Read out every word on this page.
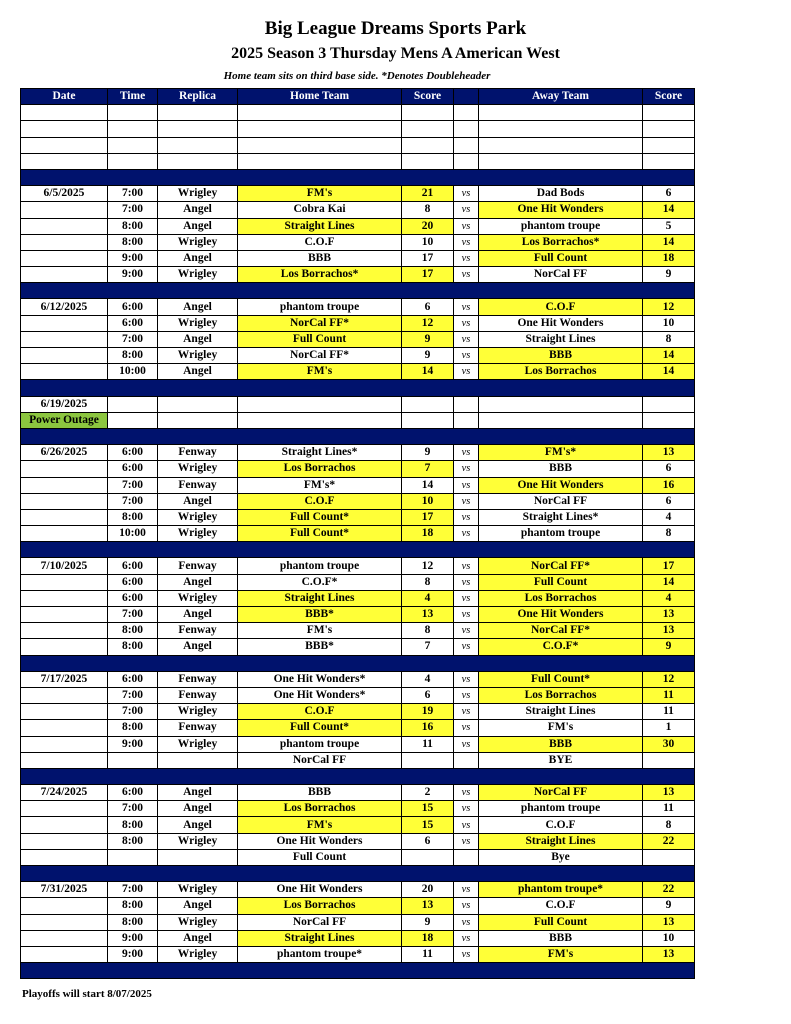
Big League Dreams Sports Park
2025 Season 3 Thursday Mens A American West
Home team sits on third base side. *Denotes Doubleheader
Date	Time	Replica	Home Team	Score		Away Team	Score

6/5/2025	7:00	Wrigley	FM's	21	vs	Dad Bods	6
	7:00	Angel	Cobra Kai	8	vs	One Hit Wonders	14
	8:00	Angel	Straight Lines	20	vs	phantom troupe	5
	8:00	Wrigley	C.O.F	10	vs	Los Borrachos*	14
	9:00	Angel	BBB	17	vs	Full Count	18
	9:00	Wrigley	Los Borrachos*	17	vs	NorCal FF	9

6/12/2025	6:00	Angel	phantom troupe	6	vs	C.O.F	12
	6:00	Wrigley	NorCal FF*	12	vs	One Hit Wonders	10
	7:00	Angel	Full Count	9	vs	Straight Lines	8
	8:00	Wrigley	NorCal FF*	9	vs	BBB	14
	10:00	Angel	FM's	14	vs	Los Borrachos	14

6/19/2025							
Power Outage							

6/26/2025	6:00	Fenway	Straight Lines*	9	vs	FM's*	13
	6:00	Wrigley	Los Borrachos	7	vs	BBB	6
	7:00	Fenway	FM's*	14	vs	One Hit Wonders	16
	7:00	Angel	C.O.F	10	vs	NorCal FF	6
	8:00	Wrigley	Full Count*	17	vs	Straight Lines*	4
	10:00	Wrigley	Full Count*	18	vs	phantom troupe	8

7/10/2025	6:00	Fenway	phantom troupe	12	vs	NorCal FF*	17
	6:00	Angel	C.O.F*	8	vs	Full Count	14
	6:00	Wrigley	Straight Lines	4	vs	Los Borrachos	4
	7:00	Angel	BBB*	13	vs	One Hit Wonders	13
	8:00	Fenway	FM's	8	vs	NorCal FF*	13
	8:00	Angel	BBB*	7	vs	C.O.F*	9

7/17/2025	6:00	Fenway	One Hit Wonders*	4	vs	Full Count*	12
	7:00	Fenway	One Hit Wonders*	6	vs	Los Borrachos	11
	7:00	Wrigley	C.O.F	19	vs	Straight Lines	11
	8:00	Fenway	Full Count*	16	vs	FM's	1
	9:00	Wrigley	phantom troupe	11	vs	BBB	30
			NorCal FF			BYE	

7/24/2025	6:00	Angel	BBB	2	vs	NorCal FF	13
	7:00	Angel	Los Borrachos	15	vs	phantom troupe	11
	8:00	Angel	FM's	15	vs	C.O.F	8
	8:00	Wrigley	One Hit Wonders	6	vs	Straight Lines	22
			Full Count			Bye	

7/31/2025	7:00	Wrigley	One Hit Wonders	20	vs	phantom troupe*	22
	8:00	Angel	Los Borrachos	13	vs	C.O.F	9
	8:00	Wrigley	NorCal FF	9	vs	Full Count	13
	9:00	Angel	Straight Lines	18	vs	BBB	10
	9:00	Wrigley	phantom troupe*	11	vs	FM's	13

Playoffs will start 8/07/2025
